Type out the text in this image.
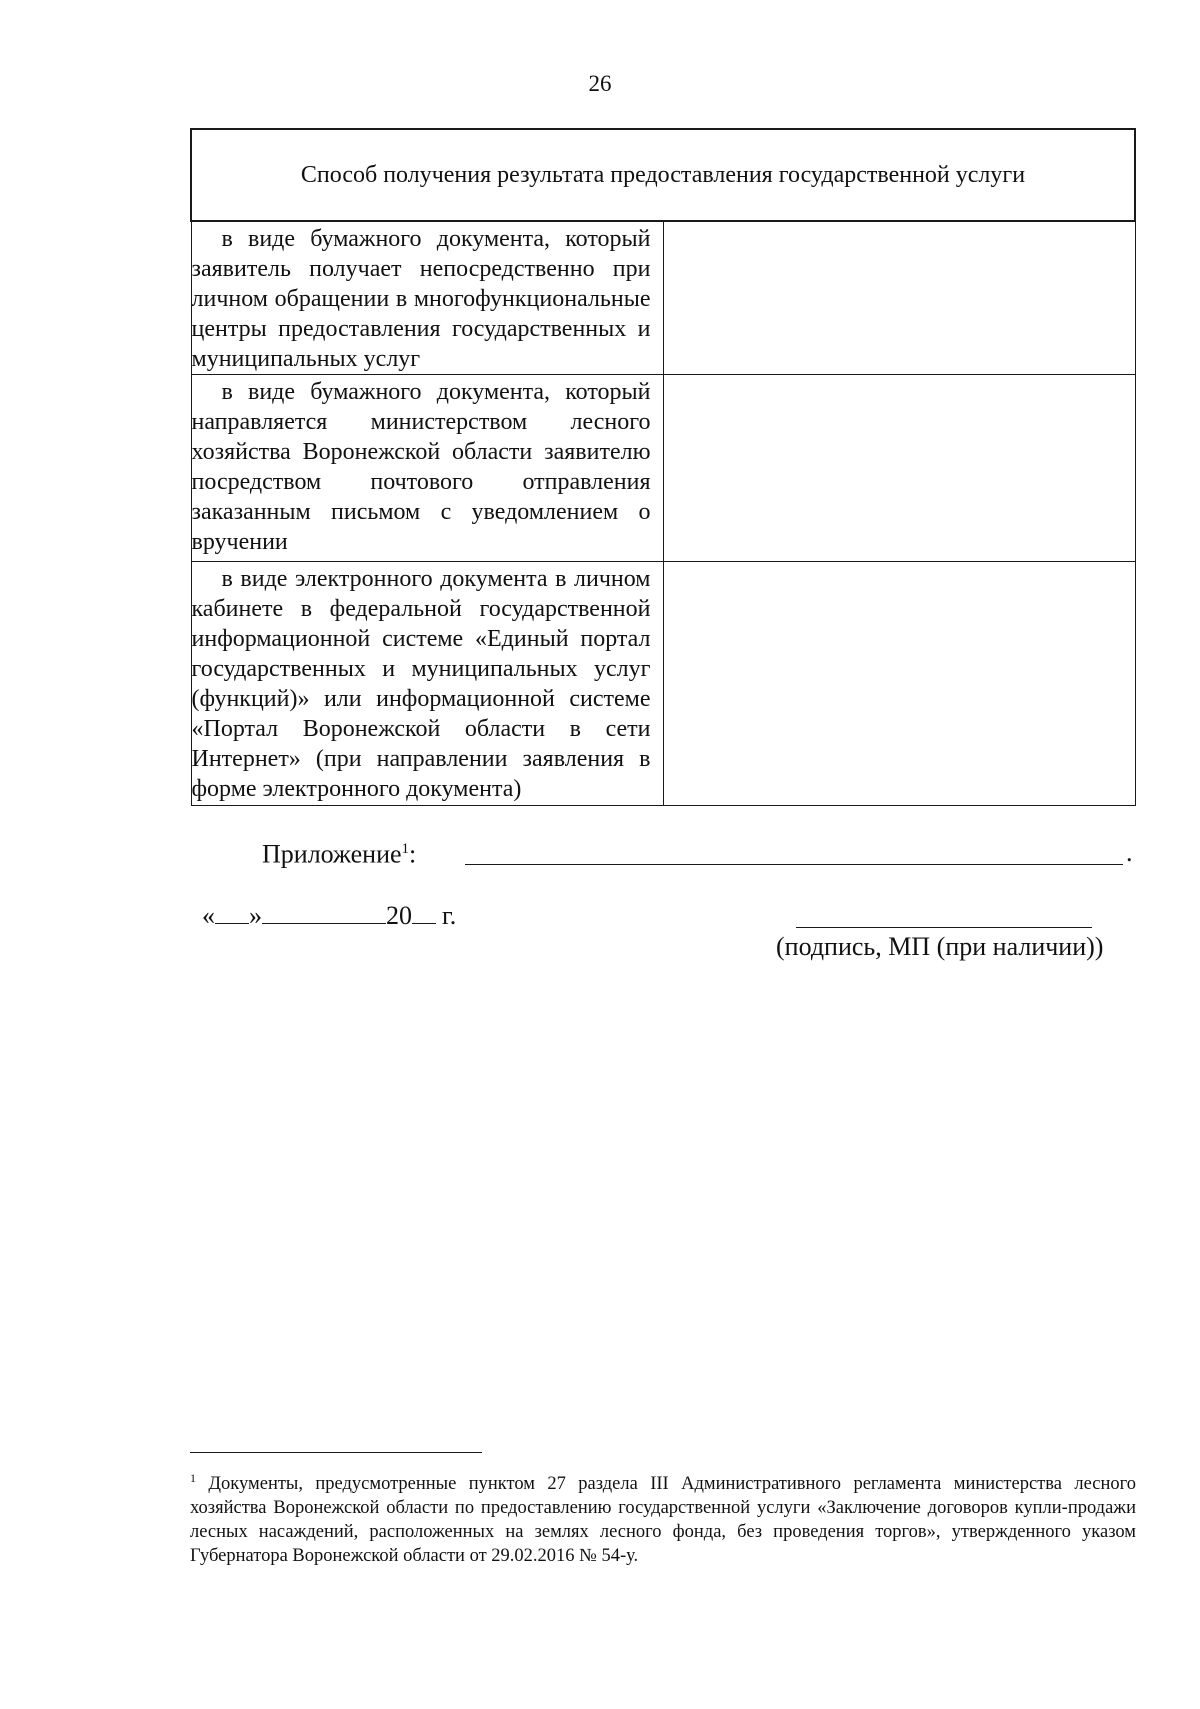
26
Способ получения результата предоставления государственной услуги	
в виде бумажного документа, который заявитель получает непосредственно при личном обращении в многофункциональные центры предоставления государственных и муниципальных услуг	
в виде бумажного документа, который направляется министерством лесного хозяйства Воронежской области заявителю посредством почтового отправления заказанным письмом с уведомлением о вручении	
в виде электронного документа в личном кабинете в федеральной государственной информационной системе «Единый портал государственных и муниципальных услуг (функций)» или информационной системе «Портал Воронежской области в сети Интернет» (при направлении заявления в форме электронного документа)	
Приложение$^1$:	.
« »	20 г.
(подпись, МП (при наличии))
$^1$ Документы, предусмотренные пунктом 27 раздела III Административного регламента министерства лесного хозяйства Воронежской области по предоставлению государственной услуги «Заключение договоров купли-продажи лесных насаждений, расположенных на землях лесного фонда, без проведения торгов», утвержденного указом Губернатора Воронежской области от 29.02.2016 № 54-у.
